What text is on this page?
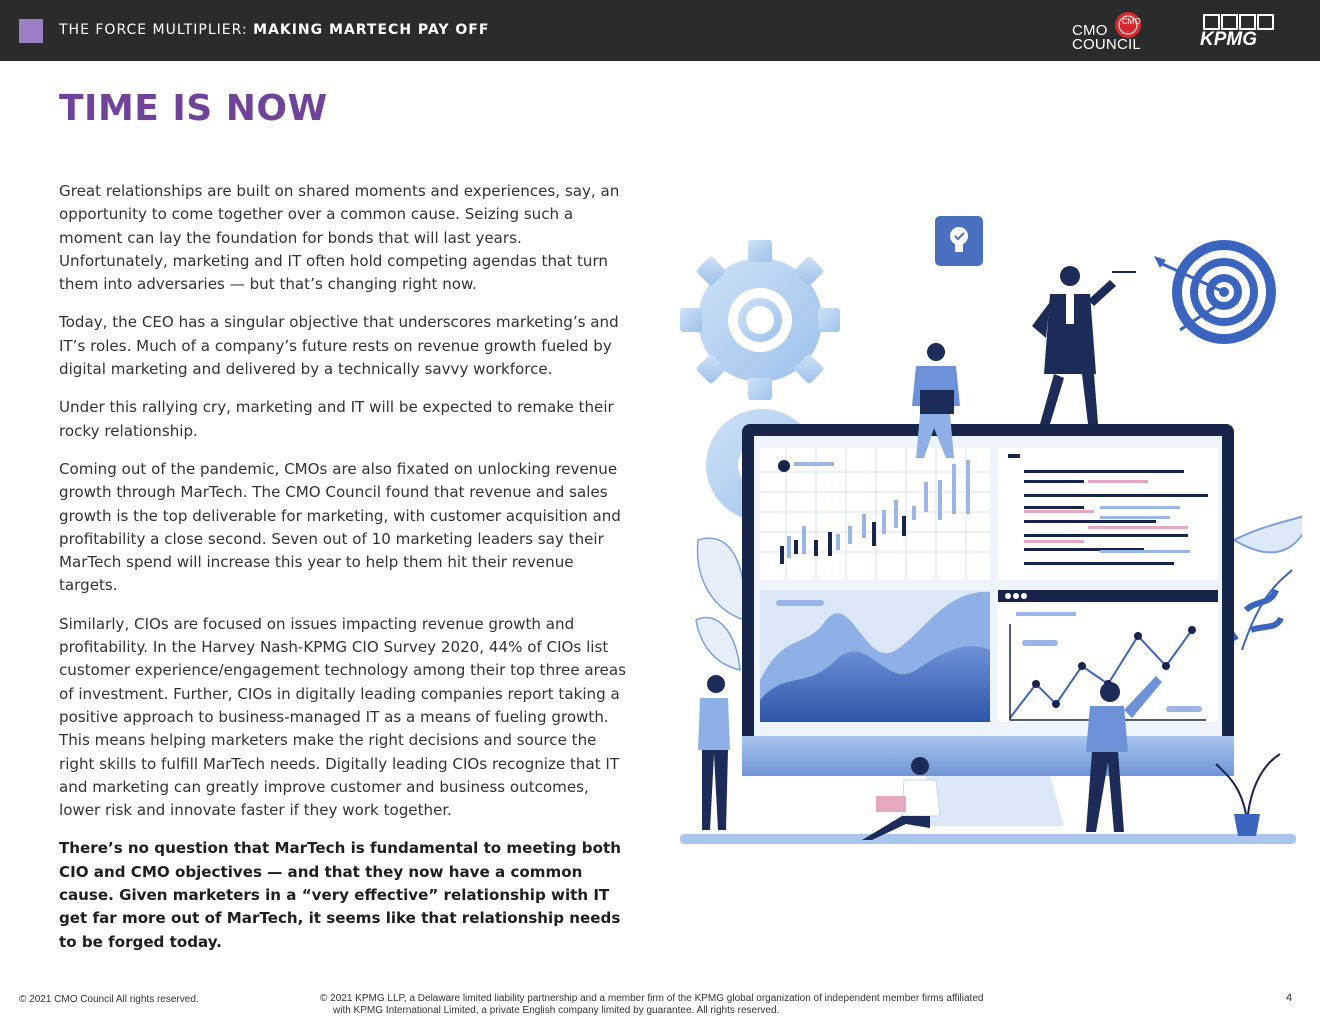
THE FORCE MULTIPLIER: MAKING MARTECH PAY OFF
CMO
CMO
COUNCIL	KPMG
TIME IS NOW

Great relationships are built on shared moments and experiences, say, an opportunity to come together over a common cause. Seizing such a moment can lay the foundation for bonds that will last years. Unfortunately, marketing and IT often hold competing agendas that turn them into adversaries — but that’s changing right now.

Today, the CEO has a singular objective that underscores marketing’s and IT’s roles. Much of a company’s future rests on revenue growth fueled by digital marketing and delivered by a technically savvy workforce.

Under this rallying cry, marketing and IT will be expected to remake their rocky relationship.

Coming out of the pandemic, CMOs are also fixated on unlocking revenue growth through MarTech. The CMO Council found that revenue and sales growth is the top deliverable for marketing, with customer acquisition and profitability a close second. Seven out of 10 marketing leaders say their MarTech spend will increase this year to help them hit their revenue targets.

Similarly, CIOs are focused on issues impacting revenue growth and profitability. In the Harvey Nash-KPMG CIO Survey 2020, 44% of CIOs list customer experience/engagement technology among their top three areas of investment. Further, CIOs in digitally leading companies report taking a positive approach to business-managed IT as a means of fueling growth. This means helping marketers make the right decisions and source the right skills to fulfill MarTech needs. Digitally leading CIOs recognize that IT and marketing can greatly improve customer and business outcomes, lower risk and innovate faster if they work together.

There’s no question that MarTech is fundamental to meeting both CIO and CMO objectives — and that they now have a common cause. Given marketers in a “very effective” relationship with IT get far more out of MarTech, it seems like that relationship needs to be forged today.

© 2021 CMO Council All rights reserved.	© 2021 KPMG LLP, a Delaware limited liability partnership and a member firm of the KPMG global organization of independent member firms affiliated
with KPMG International Limited, a private English company limited by guarantee. All rights reserved.
4
